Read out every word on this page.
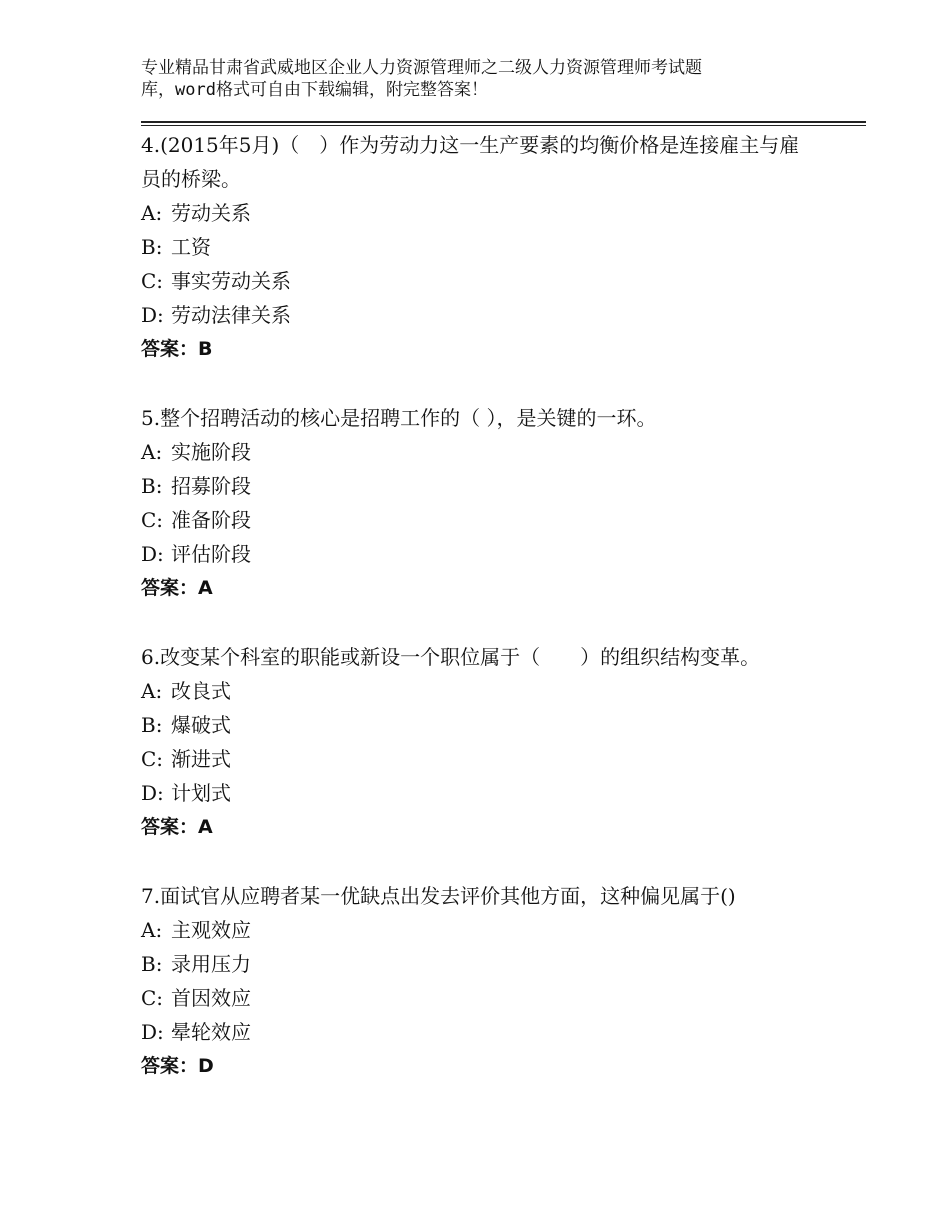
专业精品甘肃省武威地区企业人力资源管理师之二级人力资源管理师考试题
库，word格式可自由下载编辑，附完整答案！
4.(2015年5月)（　）作为劳动力这一生产要素的均衡价格是连接雇主与雇员的桥梁。
A: 劳动关系
B: 工资
C: 事实劳动关系
D: 劳动法律关系
答案：B
5.整个招聘活动的核心是招聘工作的（ ），是关键的一环。
A: 实施阶段
B: 招募阶段
C: 准备阶段
D: 评估阶段
答案：A
6.改变某个科室的职能或新设一个职位属于（　　）的组织结构变革。
A: 改良式
B: 爆破式
C: 渐进式
D: 计划式
答案：A
7.面试官从应聘者某一优缺点出发去评价其他方面，这种偏见属于()
A: 主观效应
B: 录用压力
C: 首因效应
D: 晕轮效应
答案：D
